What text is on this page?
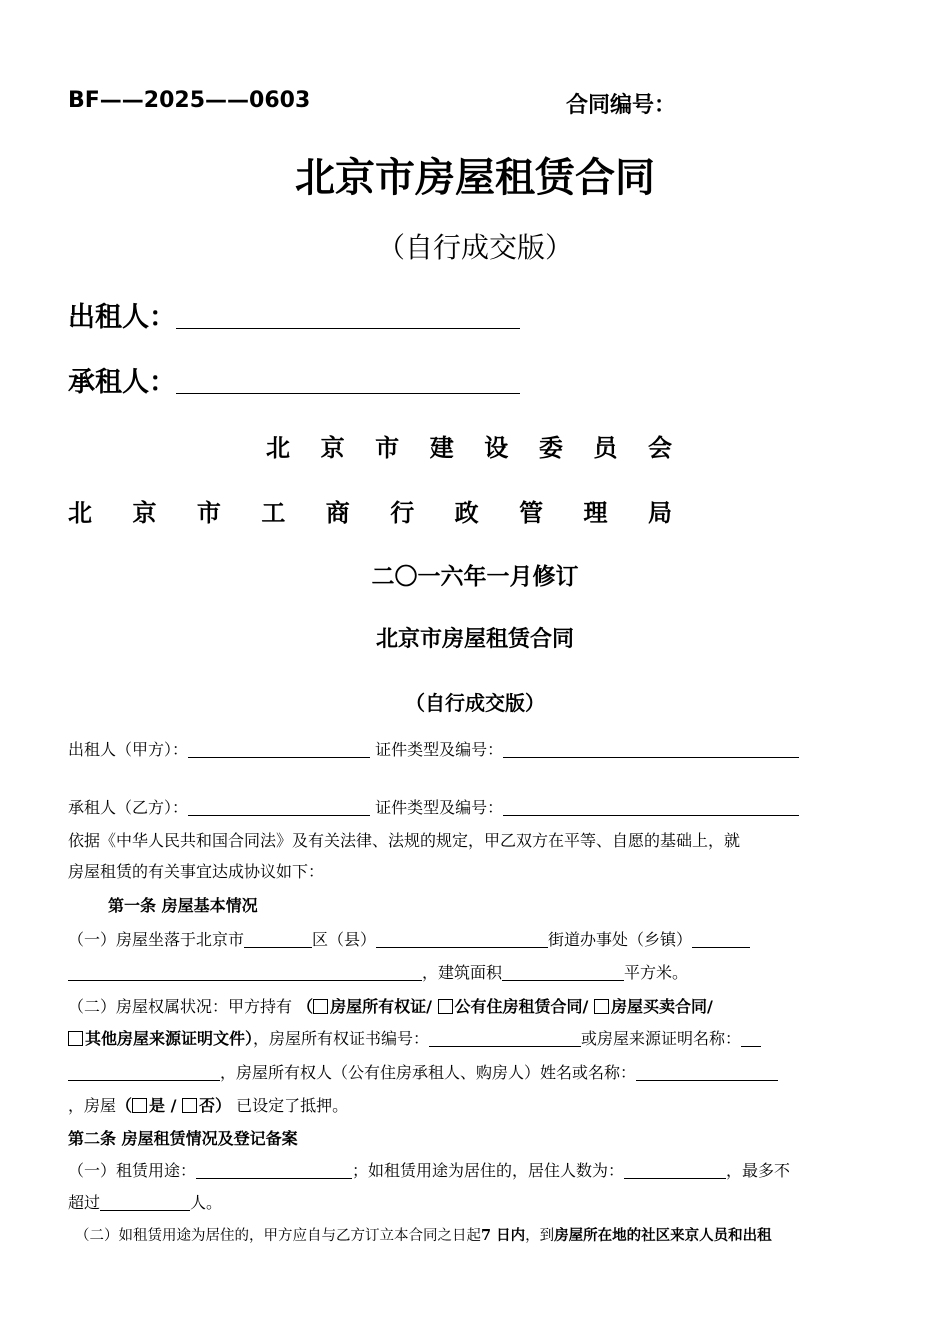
BF——2025——0603	合同编号：
北京市房屋租赁合同
（自行成交版）
出租人：
承租人：
北 京 市 建 设 委 员 会
北 京 市 工 商 行 政 管 理 局
二〇一六年一月修订
北京市房屋租赁合同
（自行成交版）
出租人（甲方）：	证件类型及编号：
承租人（乙方）：	证件类型及编号：
依据《中华人民共和国合同法》及有关法律、法规的规定，甲乙双方在平等、自愿的基础上，就
房屋租赁的有关事宜达成协议如下：
第一条 房屋基本情况
（一）房屋坐落于北京市	区（县）	街道办事处（乡镇）
，建筑面积	平方米。
（二）房屋权属状况：甲方持有 （ 房屋所有权证/ 公有住房租赁合同/ 房屋买卖合同/
其他房屋来源证明文件），房屋所有权证书编号：	或房屋来源证明名称：
，房屋所有权人（公有住房承租人、购房人）姓名或名称：
，房屋（ 是 / 否） 已设定了抵押。
第二条 房屋租赁情况及登记备案
（一）租赁用途：	；如租赁用途为居住的，居住人数为：	，最多不
超过	人。
（二）如租赁用途为居住的，甲方应自与乙方订立本合同之日起7 日内，到房屋所在地的社区来京人员和出租
